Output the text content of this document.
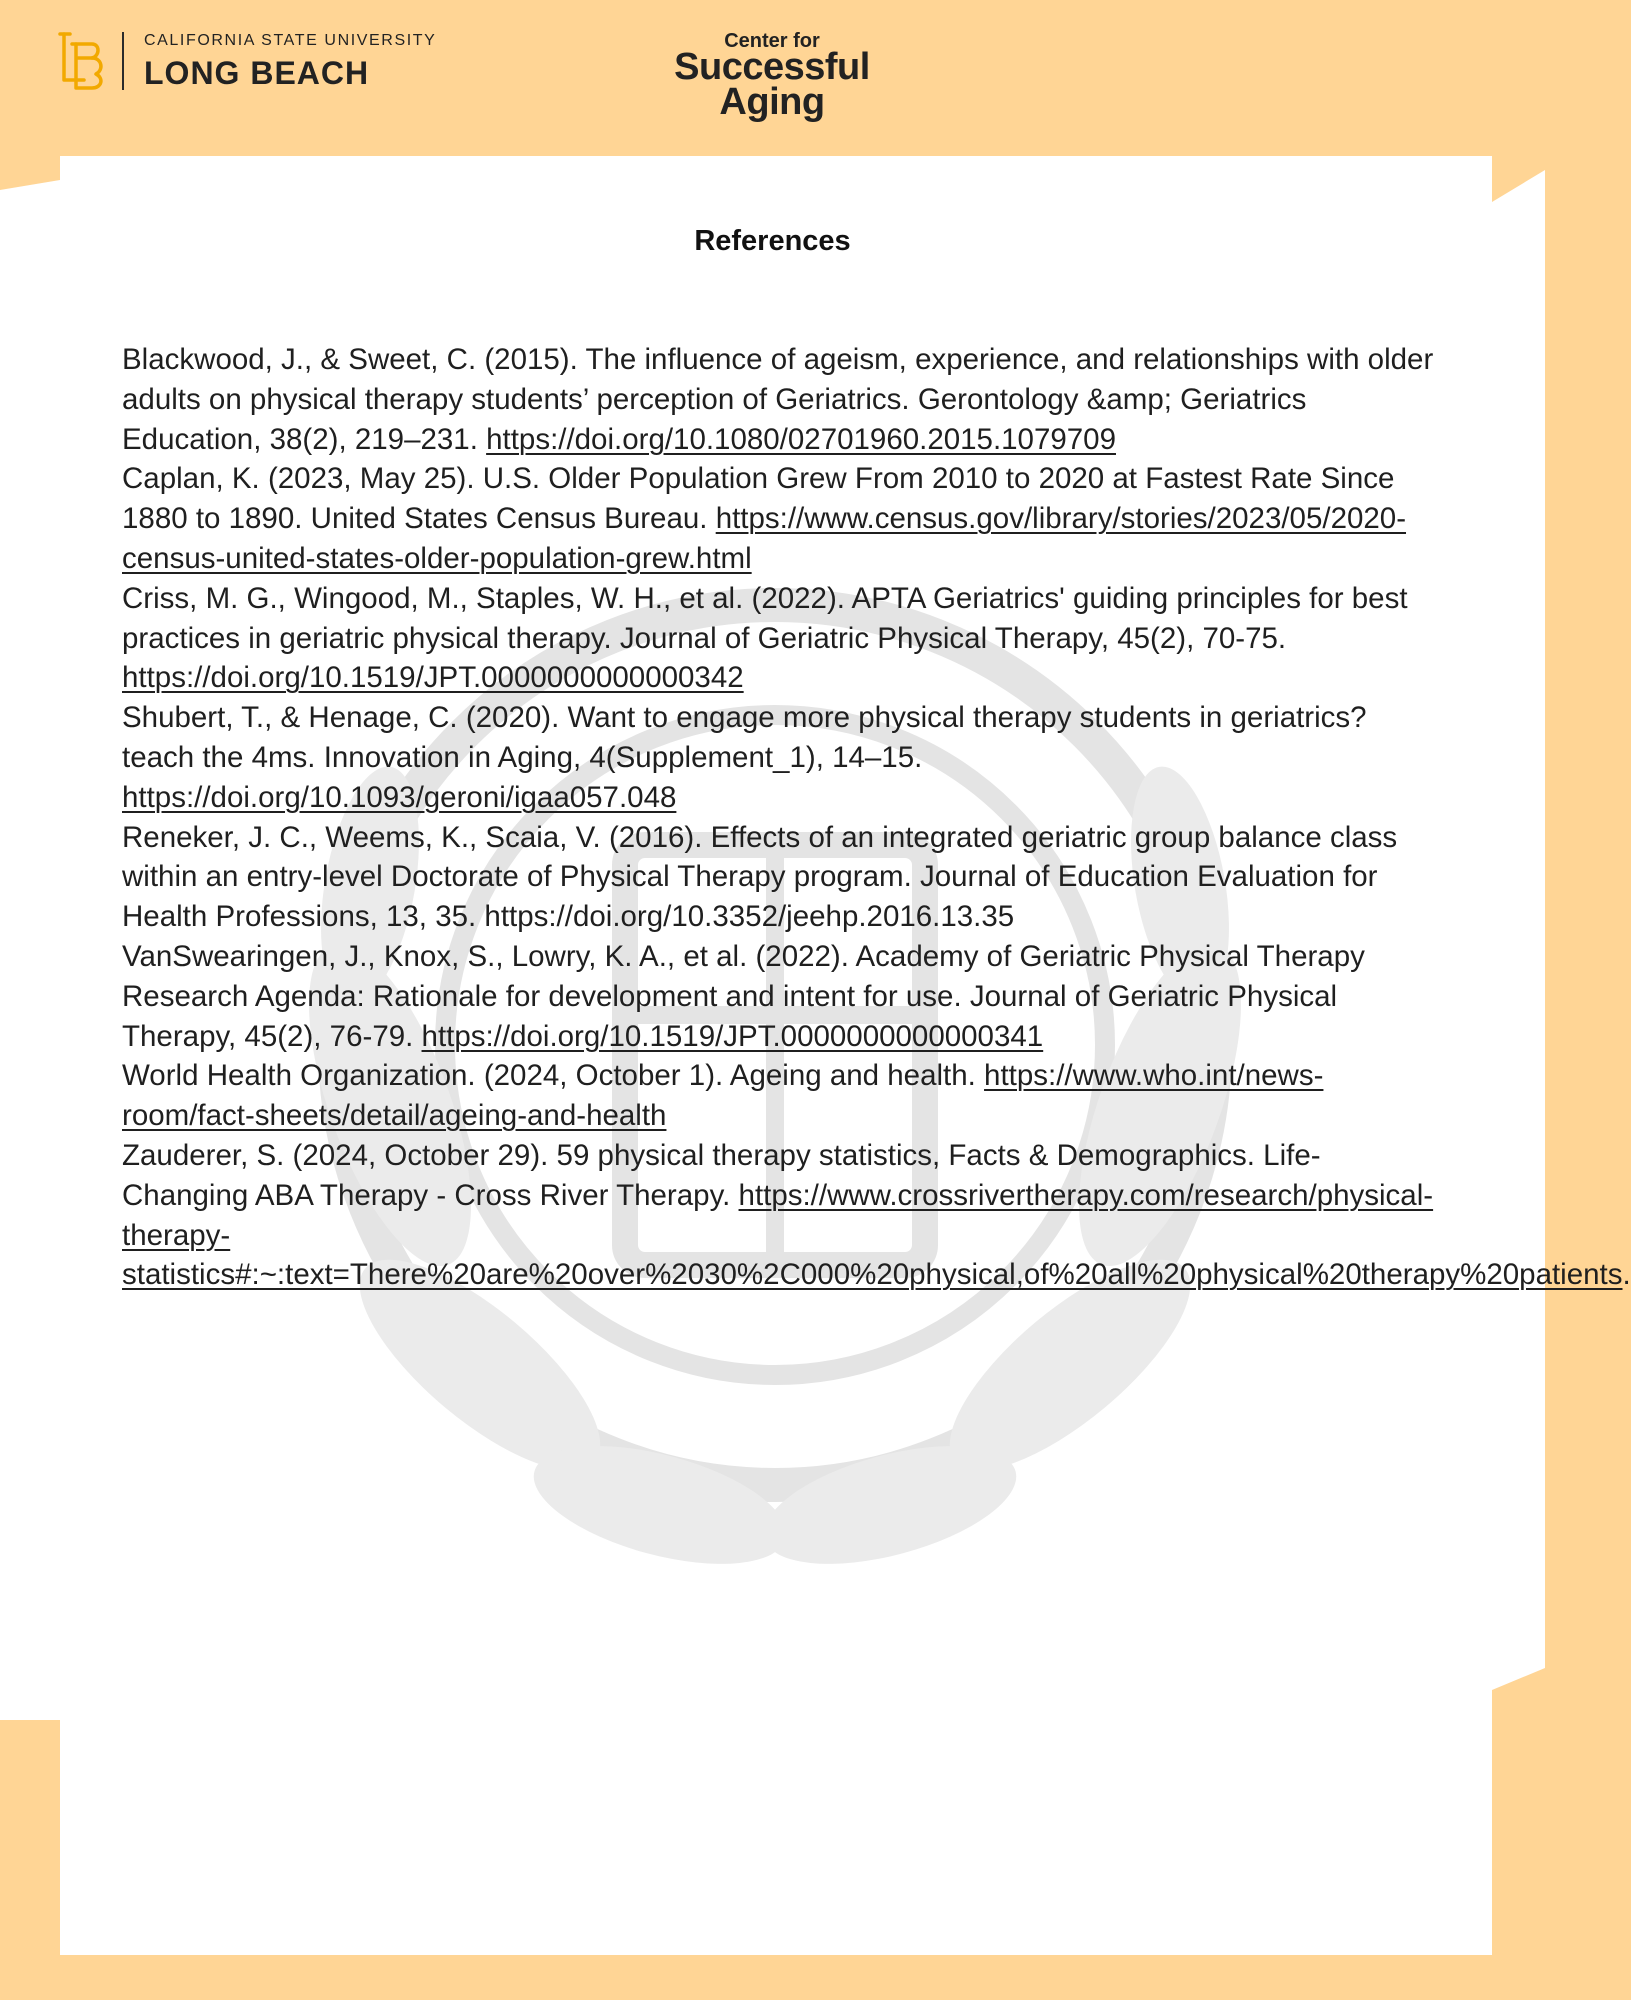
CALIFORNIA STATE UNIVERSITY
LONG BEACH
Center for
Successful
Aging
References

Blackwood, J., & Sweet, C. (2015). The influence of ageism, experience, and relationships with older adults on physical therapy students’ perception of Geriatrics. Gerontology &amp; Geriatrics Education, 38(2), 219–231. https://doi.org/10.1080/02701960.2015.1079709

Caplan, K. (2023, May 25). U.S. Older Population Grew From 2010 to 2020 at Fastest Rate Since 1880 to 1890. United States Census Bureau. https://www.census.gov/library/stories/2023/05/2020-census-united-states-older-population-grew.html

Criss, M. G., Wingood, M., Staples, W. H., et al. (2022). APTA Geriatrics' guiding principles for best practices in geriatric physical therapy. Journal of Geriatric Physical Therapy, 45(2), 70-75. https://doi.org/10.1519/JPT.0000000000000342

Shubert, T., & Henage, C. (2020). Want to engage more physical therapy students in geriatrics? teach the 4ms. Innovation in Aging, 4(Supplement_1), 14–15. https://doi.org/10.1093/geroni/igaa057.048

Reneker, J. C., Weems, K., Scaia, V. (2016). Effects of an integrated geriatric group balance class within an entry-level Doctorate of Physical Therapy program. Journal of Education Evaluation for Health Professions, 13, 35. https://doi.org/10.3352/jeehp.2016.13.35

VanSwearingen, J., Knox, S., Lowry, K. A., et al. (2022). Academy of Geriatric Physical Therapy Research Agenda: Rationale for development and intent for use. Journal of Geriatric Physical Therapy, 45(2), 76-79. https://doi.org/10.1519/JPT.0000000000000341

World Health Organization. (2024, October 1). Ageing and health. https://www.who.int/news-room/fact-sheets/detail/ageing-and-health

Zauderer, S. (2024, October 29). 59 physical therapy statistics, Facts & Demographics. Life-Changing ABA Therapy - Cross River Therapy. https://www.crossrivertherapy.com/research/physical-therapy-statistics#:~:text=There%20are%20over%2030%2C000%20physical,of%20all%20physical%20therapy%20patients.
